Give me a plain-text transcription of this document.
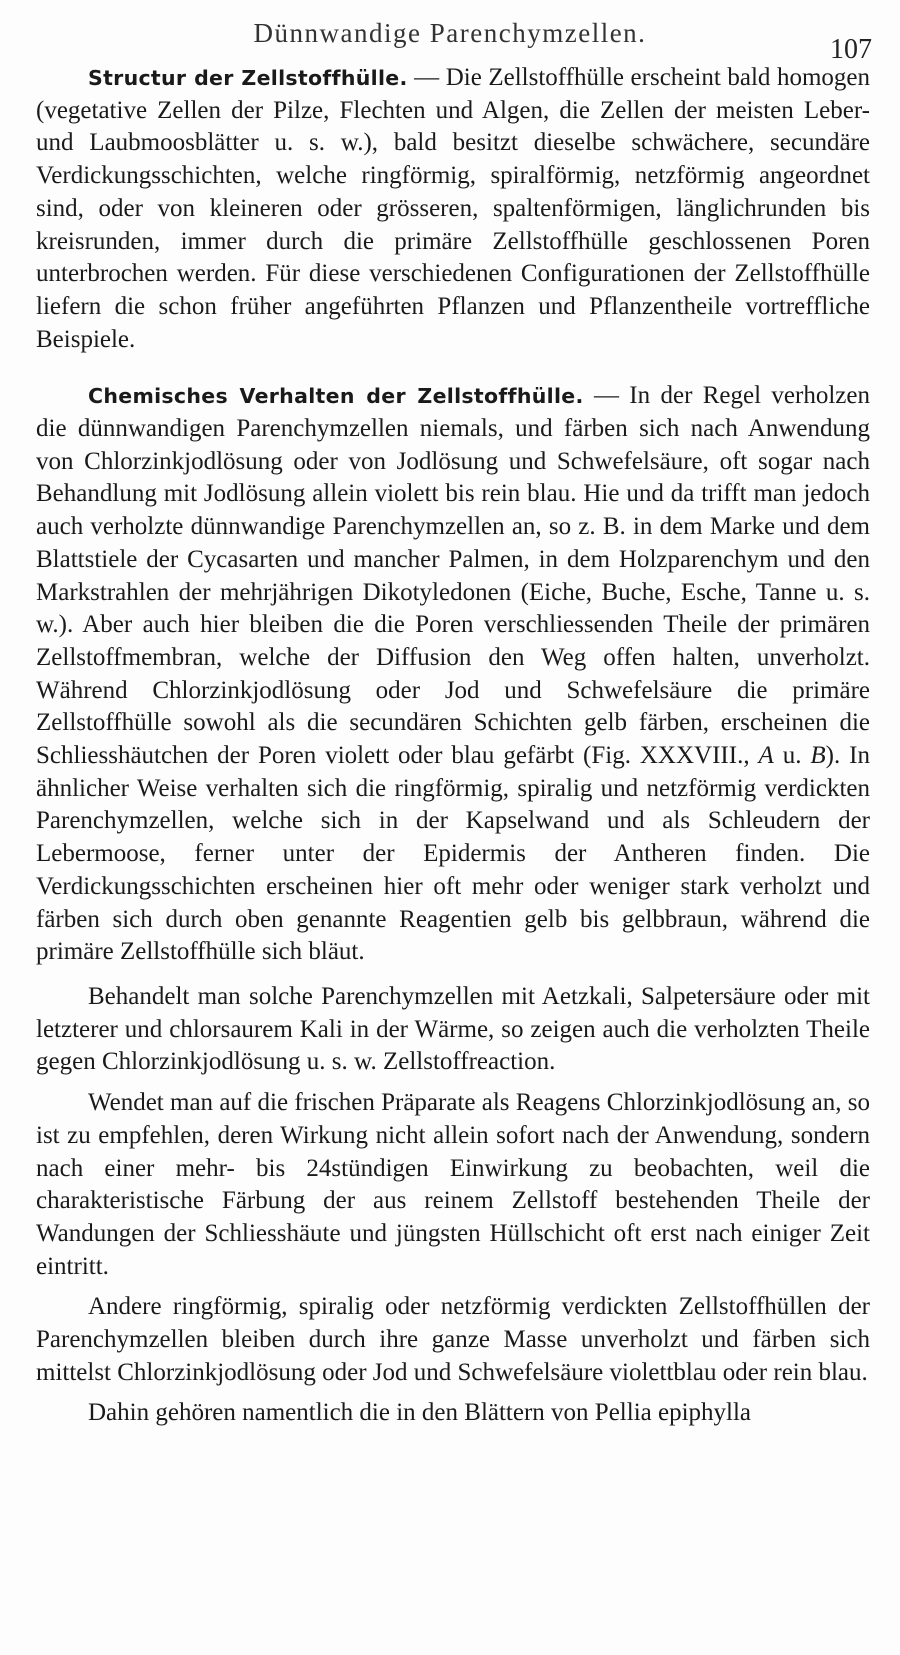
Dünnwandige Parenchymzellen.
107

Structur der Zellstoffhülle. — Die Zellstoffhülle erscheint bald homogen (vegetative Zellen der Pilze, Flechten und Algen, die Zellen der meisten Leber- und Laubmoosblätter u. s. w.), bald besitzt dieselbe schwächere, secundäre Verdickungsschichten, welche ringförmig, spiralförmig, netzförmig angeordnet sind, oder von kleineren oder grösseren, spaltenförmigen, länglichrunden bis kreisrunden, immer durch die primäre Zellstoffhülle geschlossenen Poren unterbrochen werden. Für diese verschiedenen Configurationen der Zellstoffhülle liefern die schon früher angeführten Pflanzen und Pflanzentheile vortreffliche Beispiele.

Chemisches Verhalten der Zellstoffhülle. — In der Regel verholzen die dünnwandigen Parenchymzellen niemals, und färben sich nach Anwendung von Chlorzinkjodlösung oder von Jodlösung und Schwefelsäure, oft sogar nach Behandlung mit Jodlösung allein violett bis rein blau. Hie und da trifft man jedoch auch verholzte dünnwandige Parenchymzellen an, so z. B. in dem Marke und dem Blattstiele der Cycasarten und mancher Palmen, in dem Holzparenchym und den Markstrahlen der mehrjährigen Dikotyledonen (Eiche, Buche, Esche, Tanne u. s. w.). Aber auch hier bleiben die die Poren verschliessenden Theile der primären Zellstoffmembran, welche der Diffusion den Weg offen halten, unverholzt. Während Chlorzinkjodlösung oder Jod und Schwefelsäure die primäre Zellstoffhülle sowohl als die secundären Schichten gelb färben, erscheinen die Schliesshäutchen der Poren violett oder blau gefärbt (Fig. XXXVIII., A u. B). In ähnlicher Weise verhalten sich die ringförmig, spiralig und netzförmig verdickten Parenchymzellen, welche sich in der Kapselwand und als Schleudern der Lebermoose, ferner unter der Epidermis der Antheren finden. Die Verdickungsschichten erscheinen hier oft mehr oder weniger stark verholzt und färben sich durch oben genannte Reagentien gelb bis gelbbraun, während die primäre Zellstoffhülle sich bläut.

Behandelt man solche Parenchymzellen mit Aetzkali, Salpetersäure oder mit letzterer und chlorsaurem Kali in der Wärme, so zeigen auch die verholzten Theile gegen Chlorzinkjodlösung u. s. w. Zellstoffreaction.

Wendet man auf die frischen Präparate als Reagens Chlorzinkjodlösung an, so ist zu empfehlen, deren Wirkung nicht allein sofort nach der Anwendung, sondern nach einer mehr- bis 24stündigen Einwirkung zu beobachten, weil die charakteristische Färbung der aus reinem Zellstoff bestehenden Theile der Wandungen der Schliesshäute und jüngsten Hüllschicht oft erst nach einiger Zeit eintritt.

Andere ringförmig, spiralig oder netzförmig verdickten Zellstoffhüllen der Parenchymzellen bleiben durch ihre ganze Masse unverholzt und färben sich mittelst Chlorzinkjodlösung oder Jod und Schwefelsäure violettblau oder rein blau.

Dahin gehören namentlich die in den Blättern von Pellia epiphylla
